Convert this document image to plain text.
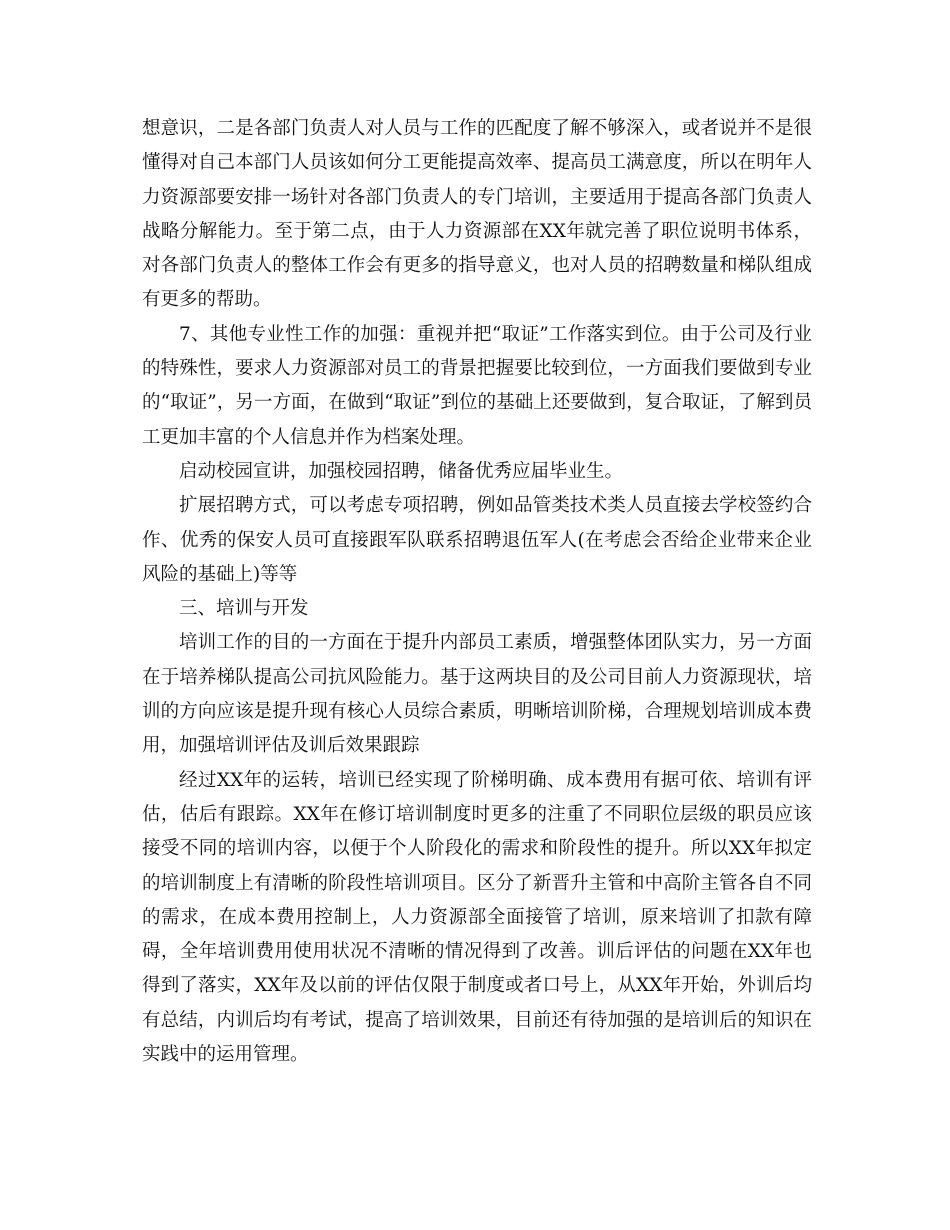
想意识，二是各部门负责人对人员与工作的匹配度了解不够深入，或者说并不是很懂得对自己本部门人员该如何分工更能提高效率、提高员工满意度，所以在明年人力资源部要安排一场针对各部门负责人的专门培训，主要适用于提高各部门负责人战略分解能力。至于第二点，由于人力资源部在XX年就完善了职位说明书体系，对各部门负责人的整体工作会有更多的指导意义，也对人员的招聘数量和梯队组成有更多的帮助。

7、其他专业性工作的加强：重视并把“取证”工作落实到位。由于公司及行业的特殊性，要求人力资源部对员工的背景把握要比较到位，一方面我们要做到专业的“取证”，另一方面，在做到“取证”到位的基础上还要做到，复合取证，了解到员工更加丰富的个人信息并作为档案处理。

启动校园宣讲，加强校园招聘，储备优秀应届毕业生。

扩展招聘方式，可以考虑专项招聘，例如品管类技术类人员直接去学校签约合作、优秀的保安人员可直接跟军队联系招聘退伍军人(在考虑会否给企业带来企业风险的基础上)等等

三、培训与开发

培训工作的目的一方面在于提升内部员工素质，增强整体团队实力，另一方面在于培养梯队提高公司抗风险能力。基于这两块目的及公司目前人力资源现状，培训的方向应该是提升现有核心人员综合素质，明晰培训阶梯，合理规划培训成本费用，加强培训评估及训后效果跟踪

经过XX年的运转，培训已经实现了阶梯明确、成本费用有据可依、培训有评估，估后有跟踪。XX年在修订培训制度时更多的注重了不同职位层级的职员应该接受不同的培训内容，以便于个人阶段化的需求和阶段性的提升。所以XX年拟定的培训制度上有清晰的阶段性培训项目。区分了新晋升主管和中高阶主管各自不同的需求，在成本费用控制上，人力资源部全面接管了培训，原来培训了扣款有障碍，全年培训费用使用状况不清晰的情况得到了改善。训后评估的问题在XX年也得到了落实，XX年及以前的评估仅限于制度或者口号上，从XX年开始，外训后均有总结，内训后均有考试，提高了培训效果，目前还有待加强的是培训后的知识在实践中的运用管理。
